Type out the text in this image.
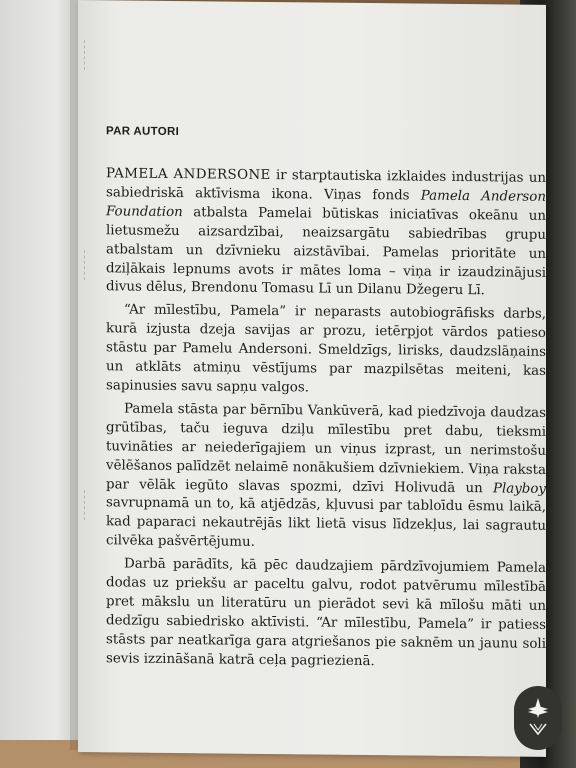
PAR AUTORI

PAMELA ANDERSONE ir starptautiska izklaides industrijas un sabiedriskā aktīvisma ikona. Viņas fonds Pamela Anderson Foundation atbalsta Pamelai būtiskas iniciatīvas okeānu un lietusmežu aizsardzībai, neaizsargātu sabiedrības grupu atbalstam un dzīvnieku aizstāvībai. Pamelas prioritāte un dziļākais lepnums avots ir mātes loma – viņa ir izaudzinājusi divus dēlus, Brendonu Tomasu Lī un Dilanu Džegeru Lī.

“Ar mīlestību, Pamela” ir neparasts autobiogrāfisks darbs, kurā izjusta dzeja savijas ar prozu, ietērpjot vārdos patieso stāstu par Pamelu Andersoni. Smeldzīgs, lirisks, daudzslāņains un atklāts atmiņu vēstījums par mazpilsētas meiteni, kas sapinusies savu sapņu valgos.

Pamela stāsta par bērnību Vankūverā, kad piedzīvoja daudzas grūtības, taču ieguva dziļu mīlestību pret dabu, tieksmi tuvināties ar neiederīgajiem un viņus izprast, un nerimstošu vēlēšanos palīdzēt nelaimē nonākušiem dzīvniekiem. Viņa raksta par vēlāk iegūto slavas spozmi, dzīvi Holivudā un Playboy savrupnamā un to, kā atjēdzās, kļuvusi par tabloīdu ēsmu laikā, kad paparaci nekautrējās likt lietā visus līdzekļus, lai sagrautu cilvēka pašvērtējumu.

Darbā parādīts, kā pēc daudzajiem pārdzīvojumiem Pamela dodas uz priekšu ar paceltu galvu, rodot patvērumu mīlestībā pret mākslu un literatūru un pierādot sevi kā mīlošu māti un dedzīgu sabiedrisko aktīvisti. “Ar mīlestību, Pamela” ir patiess stāsts par neatkarīga gara atgriešanos pie saknēm un jaunu soli sevis izzināšanā katrā ceļa pagriezienā.
